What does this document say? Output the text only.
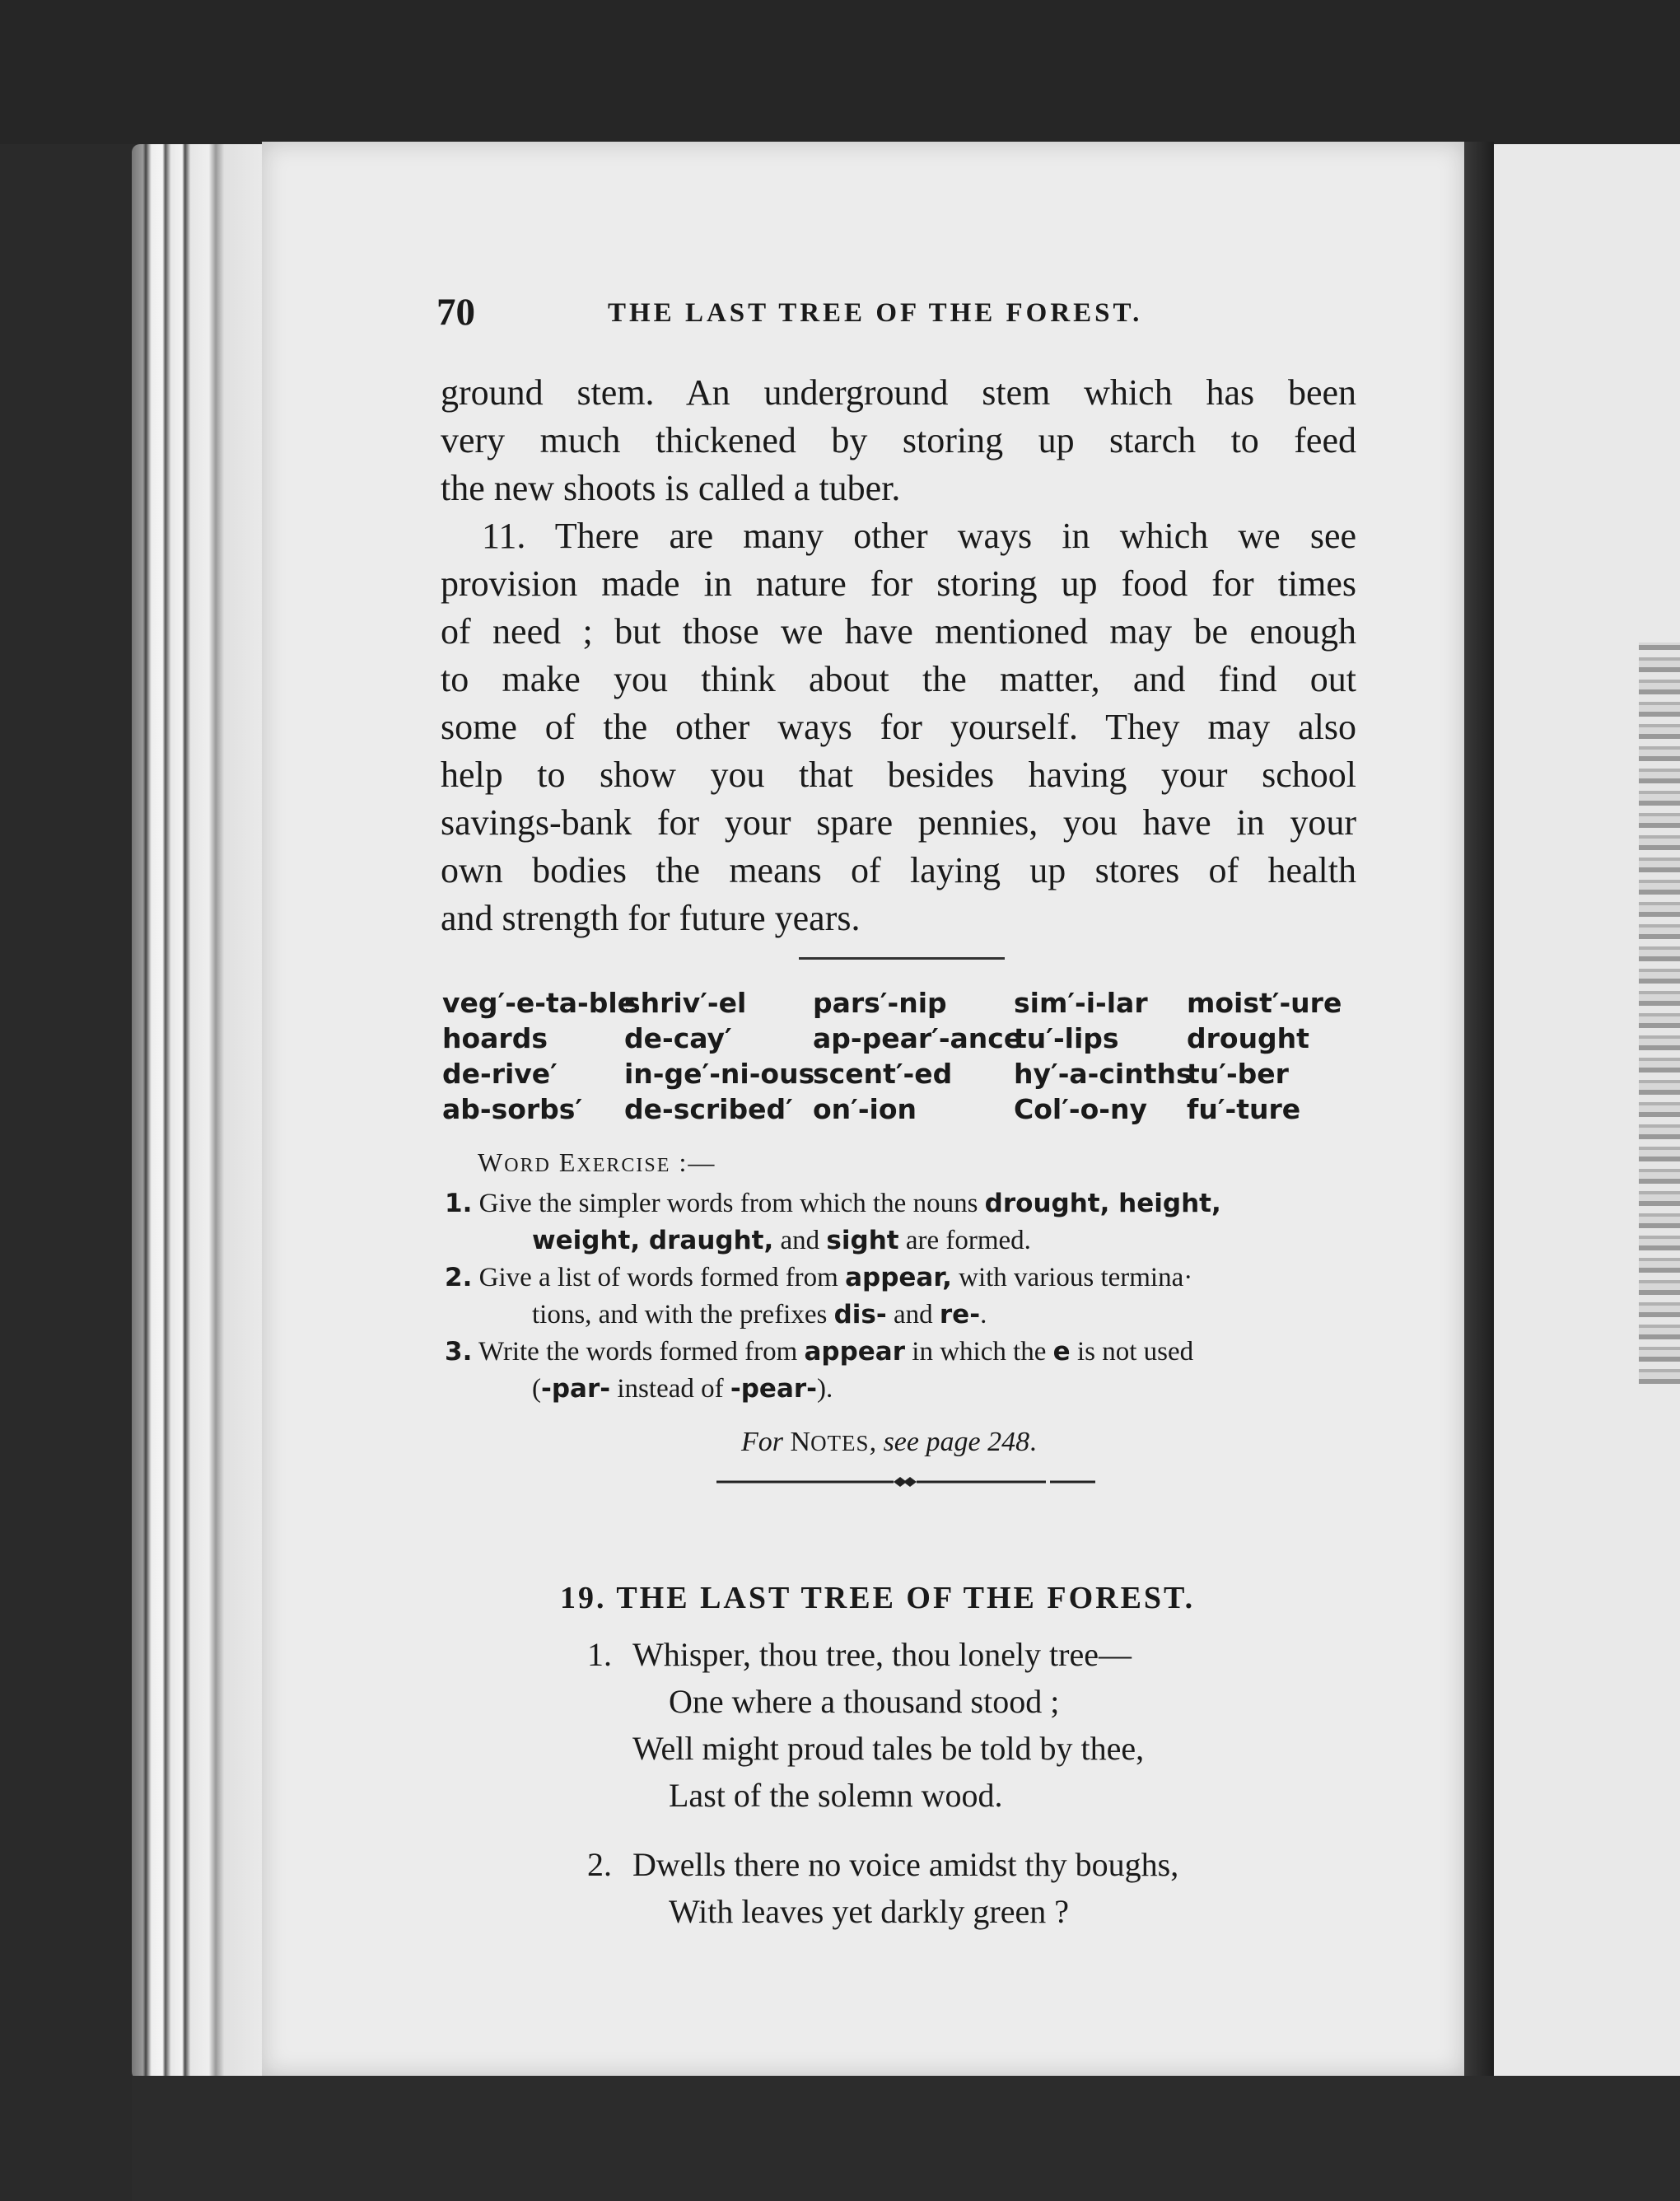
70	THE LAST TREE OF THE FOREST.
ground stem. An underground stem which has been
very much thickened by storing up starch to feed
the new shoots is called a tuber.
11. There are many other ways in which we see
provision made in nature for storing up food for times
of need ; but those we have mentioned may be enough
to make you think about the matter, and find out
some of the other ways for yourself. They may also
help to show you that besides having your school
savings-bank for your spare pennies, you have in your
own bodies the means of laying up stores of health
and strength for future years.
veg′-e-ta-ble
hoards
de-rive′
ab-sorbs′
shriv′-el
de-cay′
in-ge′-ni-ous
de-scribed′
pars′-nip
ap-pear′-ance
scent′-ed
on′-ion
sim′-i-lar
tu′-lips
hy′-a-cinths
Col′-o-ny
moist′-ure
drought
tu′-ber
fu′-ture
WORD EXERCISE :—
1. Give the simpler words from which the nouns drought, height,
weight, draught, and sight are formed.
2. Give a list of words formed from appear, with various termina·
tions, and with the prefixes dis- and re-.
3. Write the words formed from appear in which the e is not used
(-par- instead of -pear-).
For NOTES, see page 248.
19. THE LAST TREE OF THE FOREST.
1. Whisper, thou tree, thou lonely tree—
One where a thousand stood ;
Well might proud tales be told by thee,
Last of the solemn wood.
2. Dwells there no voice amidst thy boughs,
With leaves yet darkly green ?
